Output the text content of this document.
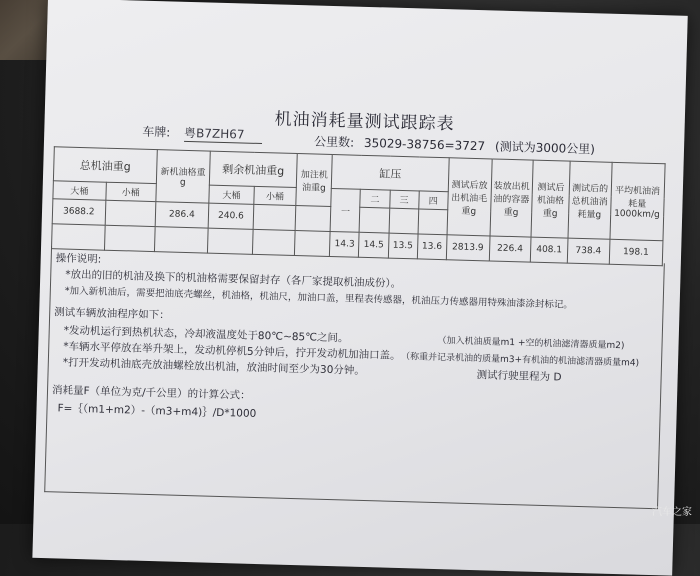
机油消耗量测试跟踪表
车牌: 粤B7ZH67
公里数: 35029-38756=3727 (测试为3000公里)
总机油重g		新机油格重g	剩余机油重g		加注机油重g	缸压				测试后放出机油毛重g	装放出机油的容器重g	测试后机油格重g	测试后的总机油消耗量g	平均机油消耗量1000km/g
大桶	小桶		大桶	小桶		一	二	三	四					
3688.2		286.4	240.6											
						14.3	14.5	13.5	13.6	2813.9	226.4	408.1	738.4	198.1
操作说明:
*放出的旧的机油及换下的机油格需要保留封存（各厂家提取机油成份）。
*加入新机油后，需要把油底壳螺丝，机油格，机油尺，加油口盖，里程表传感器，机油压力传感器用特殊油漆涂封标记。
测试车辆放油程序如下：
*发动机运行到热机状态，冷却液温度处于80℃~85℃之间。	（加入机油质量m1 +空的机油滤清器质量m2)
*车辆水平停放在举升架上，发动机停机5分钟后，拧开发动机加油口盖。 （称重并记录机油的质量m3+有机油的机油滤清器质量m4)
*打开发动机油底壳放油螺栓放出机油，放油时间至少为30分钟。	测试行驶里程为 D
消耗量F（单位为克/千公里）的计算公式：
F=｛（m1+m2）-（m3+m4)｝/D*1000
汽车之家
